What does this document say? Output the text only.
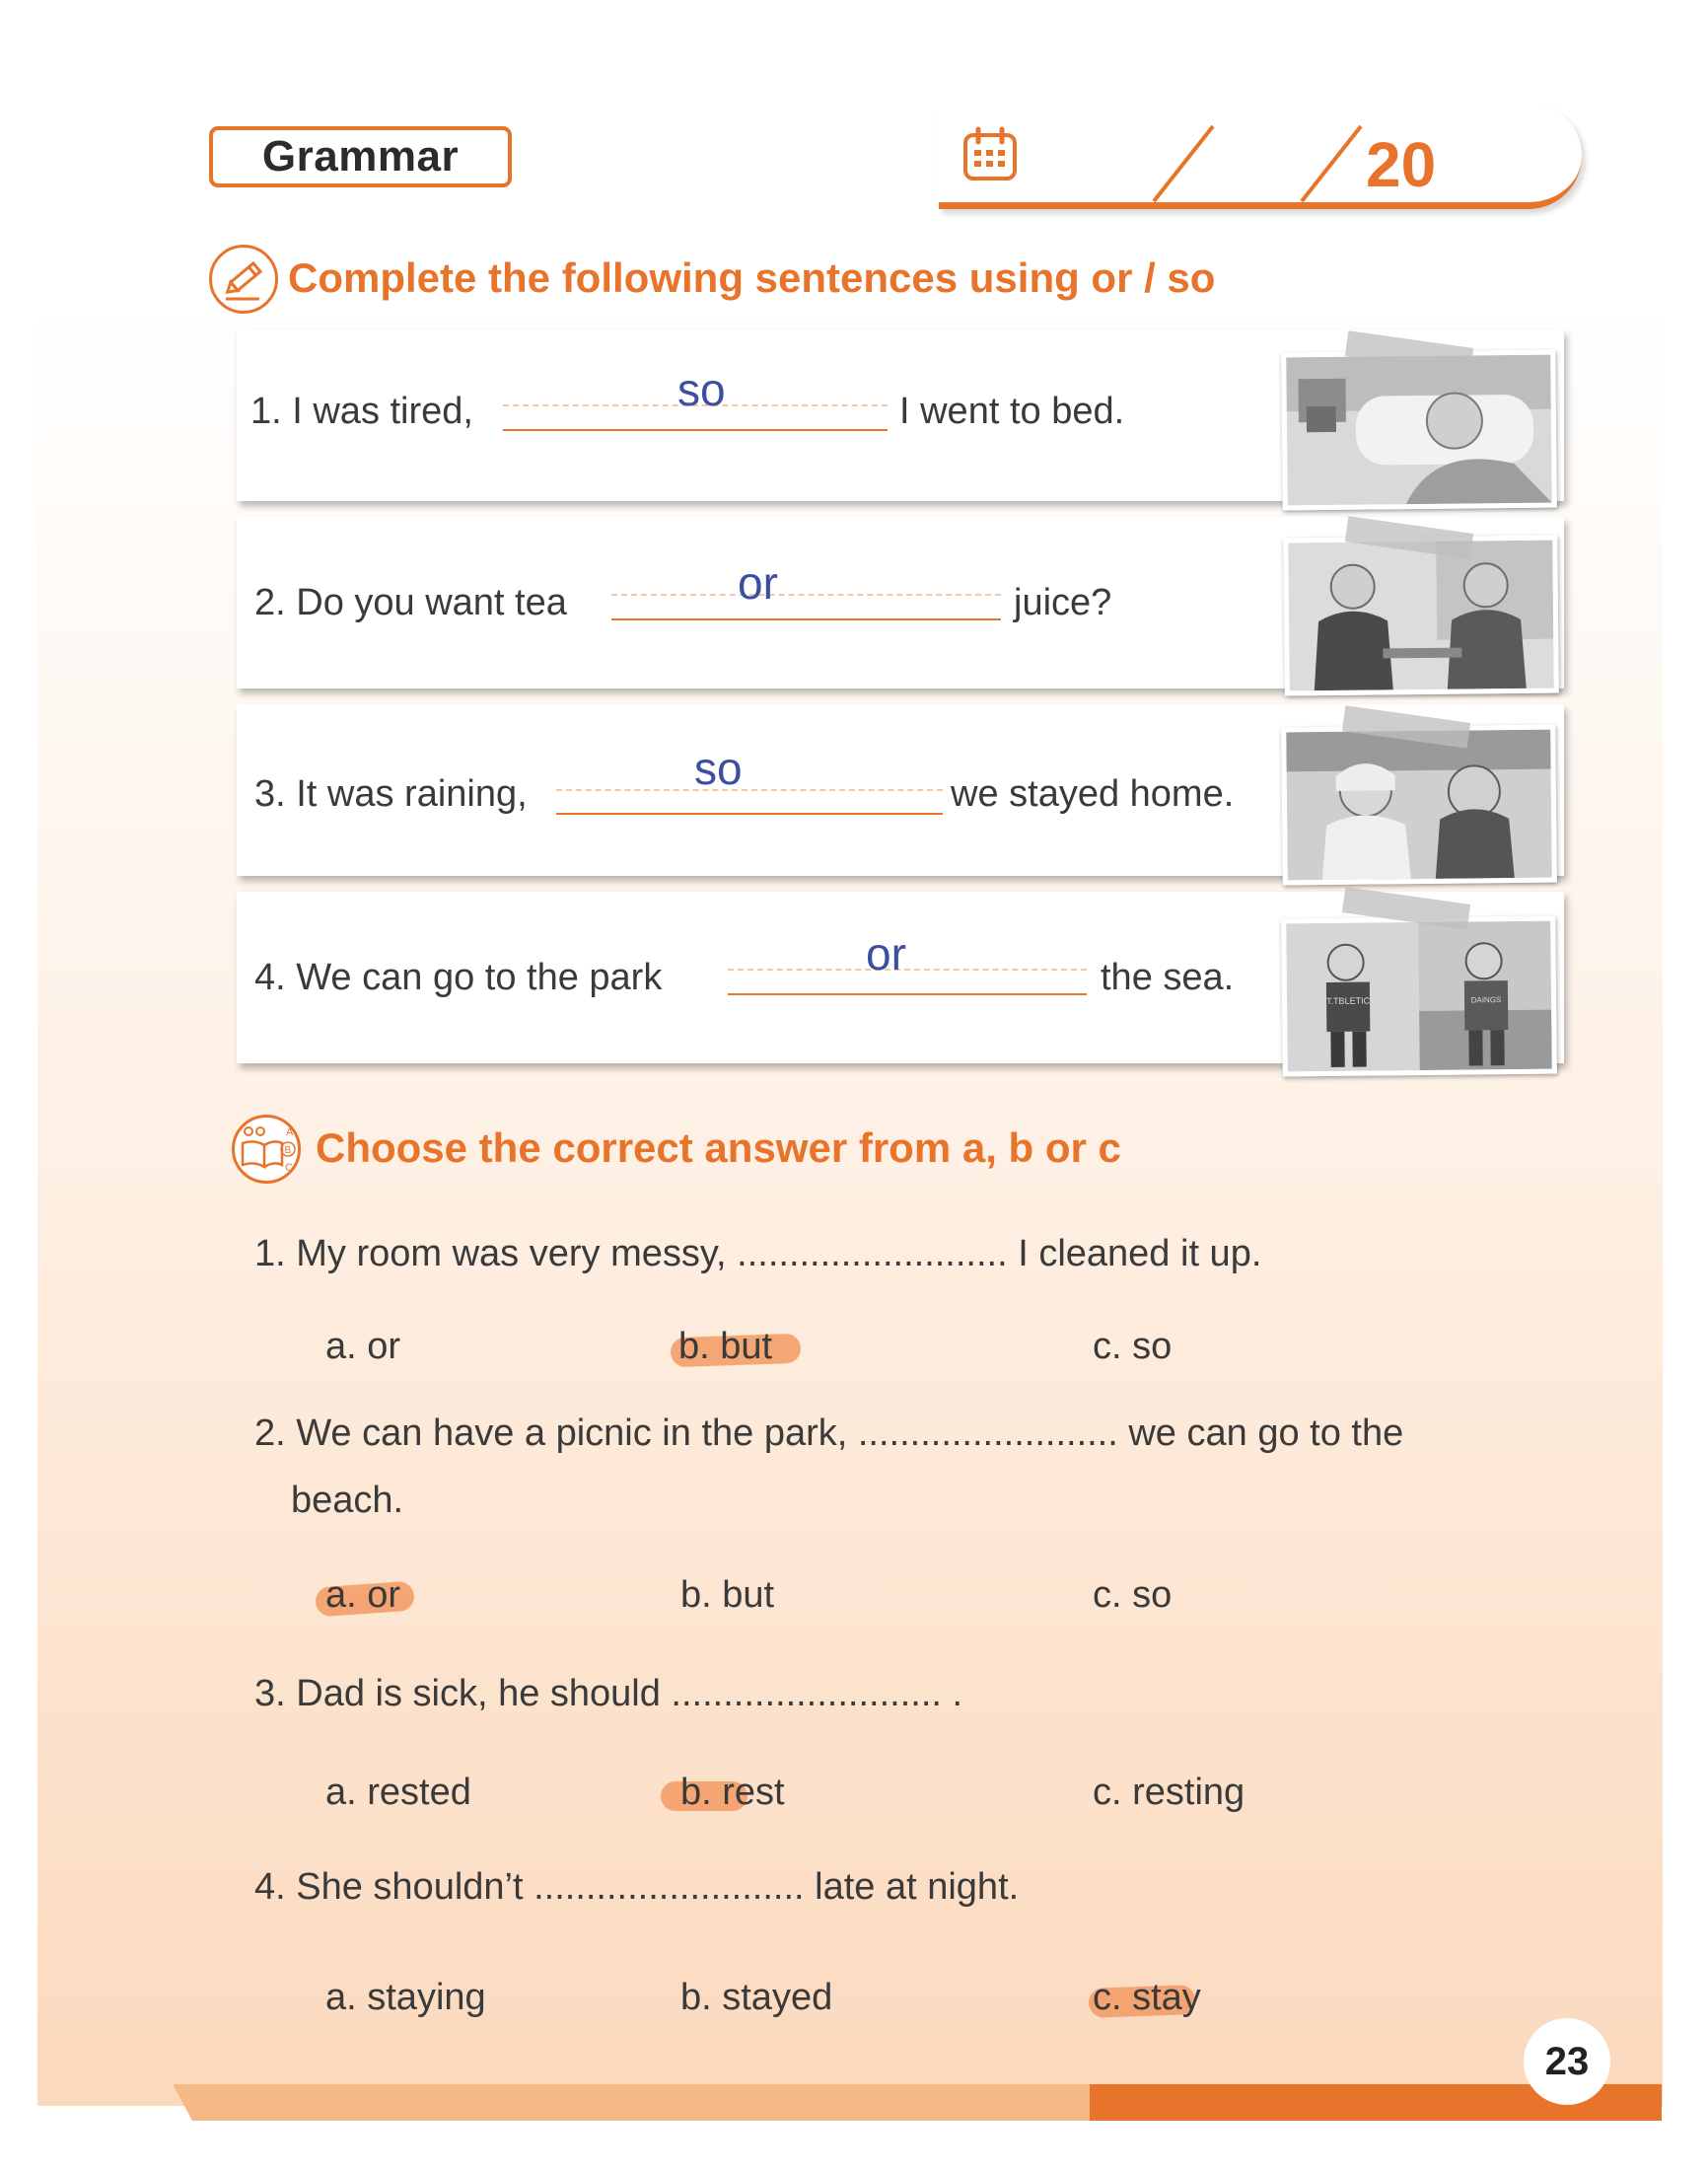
Grammar	20
Complete the following sentences using or / so
1. I was tired,	so	I went to bed.
2. Do you want tea	or	juice?
3. It was raining,	so	we stayed home.
4. We can go to the park	or	the sea.
T.TBLETIC	DAINGS
A
B
C Choose the correct answer from a, b or c
1. My room was very messy, .......................... I cleaned it up.
a. or	b. but	c. so
2. We can have a picnic in the park, ......................... we can go to the
beach.
a. or	b. but	c. so
3. Dad is sick, he should .......................... .
a. rested	b. rest	c. resting
4. She shouldn’t .......................... late at night.
a. staying	b. stayed	c. stay
23
